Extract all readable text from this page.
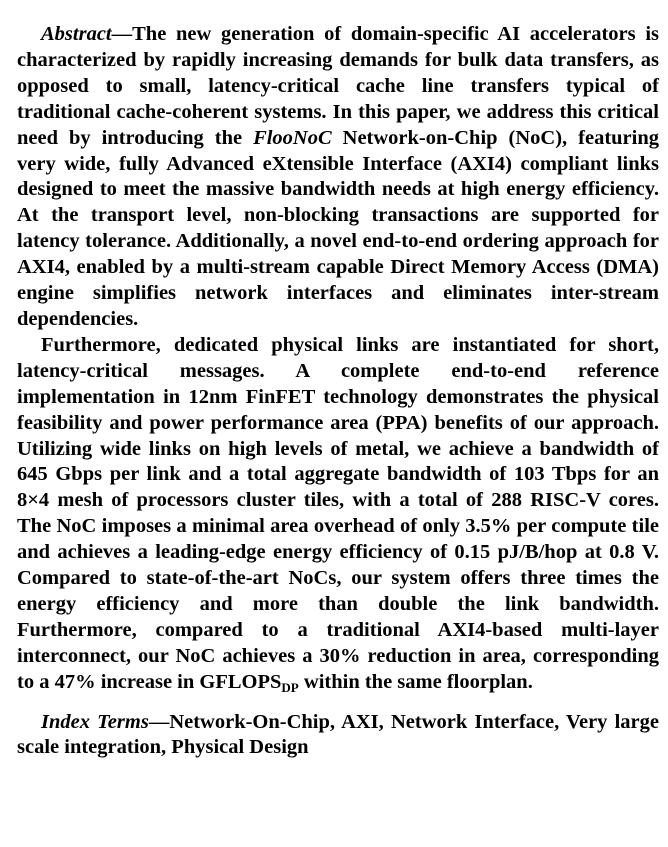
Abstract—The new generation of domain-specific AI accelerators is characterized by rapidly increasing demands for bulk data transfers, as opposed to small, latency-critical cache line transfers typical of traditional cache-coherent systems. In this paper, we address this critical need by introducing the FlooNoC Network-on-Chip (NoC), featuring very wide, fully Advanced eXtensible Interface (AXI4) compliant links designed to meet the massive bandwidth needs at high energy efficiency. At the transport level, non-blocking transactions are supported for latency tolerance. Additionally, a novel end-to-end ordering approach for AXI4, enabled by a multi-stream capable Direct Memory Access (DMA) engine simplifies network interfaces and eliminates inter-stream dependencies.

Furthermore, dedicated physical links are instantiated for short, latency-critical messages. A complete end-to-end reference implementation in 12nm FinFET technology demonstrates the physical feasibility and power performance area (PPA) benefits of our approach. Utilizing wide links on high levels of metal, we achieve a bandwidth of 645 Gbps per link and a total aggregate bandwidth of 103 Tbps for an 8×4 mesh of processors cluster tiles, with a total of 288 RISC-V cores. The NoC imposes a minimal area overhead of only 3.5% per compute tile and achieves a leading-edge energy efficiency of 0.15 pJ/B/hop at 0.8 V. Compared to state-of-the-art NoCs, our system offers three times the energy efficiency and more than double the link bandwidth. Furthermore, compared to a traditional AXI4-based multi-layer interconnect, our NoC achieves a 30% reduction in area, corresponding to a 47% increase in $GFLOPS_{DP}$ within the same floorplan.

Index Terms—Network-On-Chip, AXI, Network Interface, Very large scale integration, Physical Design
